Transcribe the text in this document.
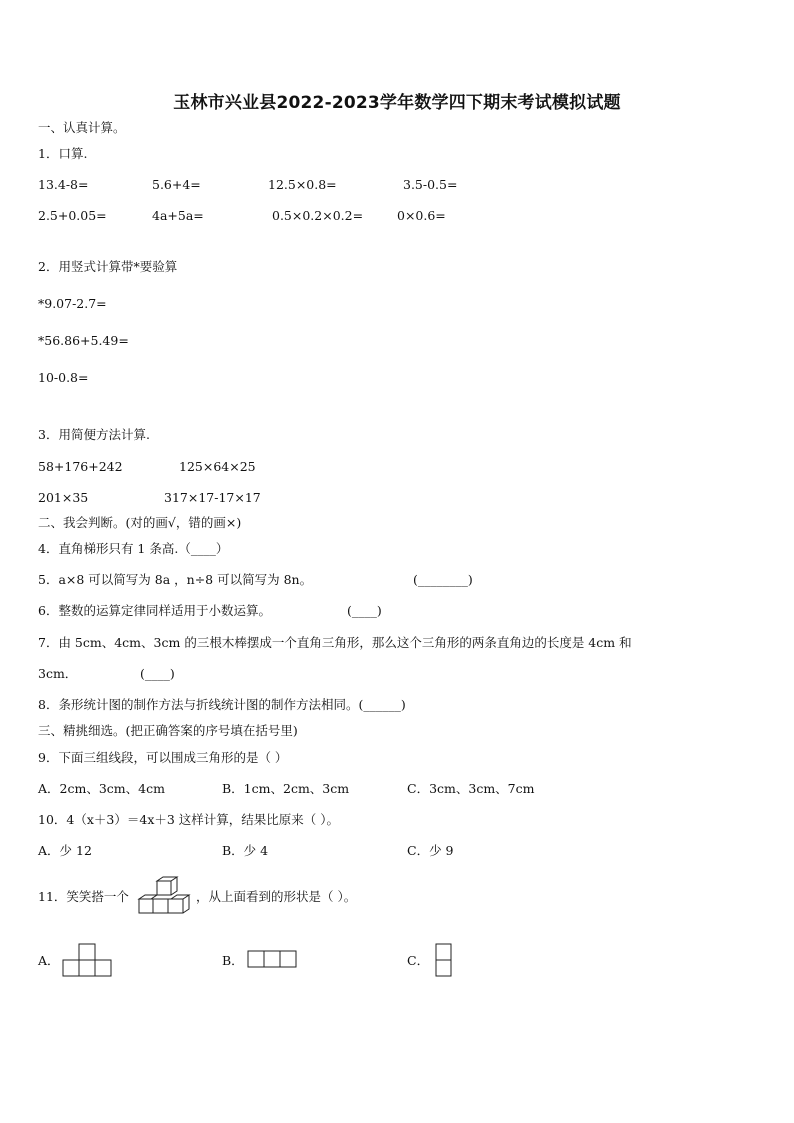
玉林市兴业县2022-2023学年数学四下期末考试模拟试题
一、认真计算。
1．口算.
13.4-8=	5.6+4=	12.5×0.8=	3.5-0.5=
2.5+0.05=	4a+5a=	0.5×0.2×0.2=	0×0.6=
2．用竖式计算带*要验算
*9.07-2.7=
*56.86+5.49=
10-0.8=
3．用简便方法计算.
58+176+242	125×64×25
201×35	317×17-17×17
二、我会判断。(对的画√，错的画×)
4．直角梯形只有 1 条高.（____）
5．a×8 可以简写为 8a ，n÷8 可以简写为 8n。	(________)
6．整数的运算定律同样适用于小数运算。	(____)
7．由 5cm、4cm、3cm 的三根木棒摆成一个直角三角形，那么这个三角形的两条直角边的长度是 4cm 和
3cm．	(____)
8．条形统计图的制作方法与折线统计图的制作方法相同。(______)
三、精挑细选。(把正确答案的序号填在括号里)
9．下面三组线段，可以围成三角形的是（ ）
A．2cm、3cm、4cm	B．1cm、2cm、3cm	C．3cm、3cm、7cm
10．4（x＋3）＝4x＋3 这样计算，结果比原来（ ）。
A．少 12	B．少 4	C．少 9
11．笑笑搭一个	，从上面看到的形状是（ ）。
A．	B．	C．
